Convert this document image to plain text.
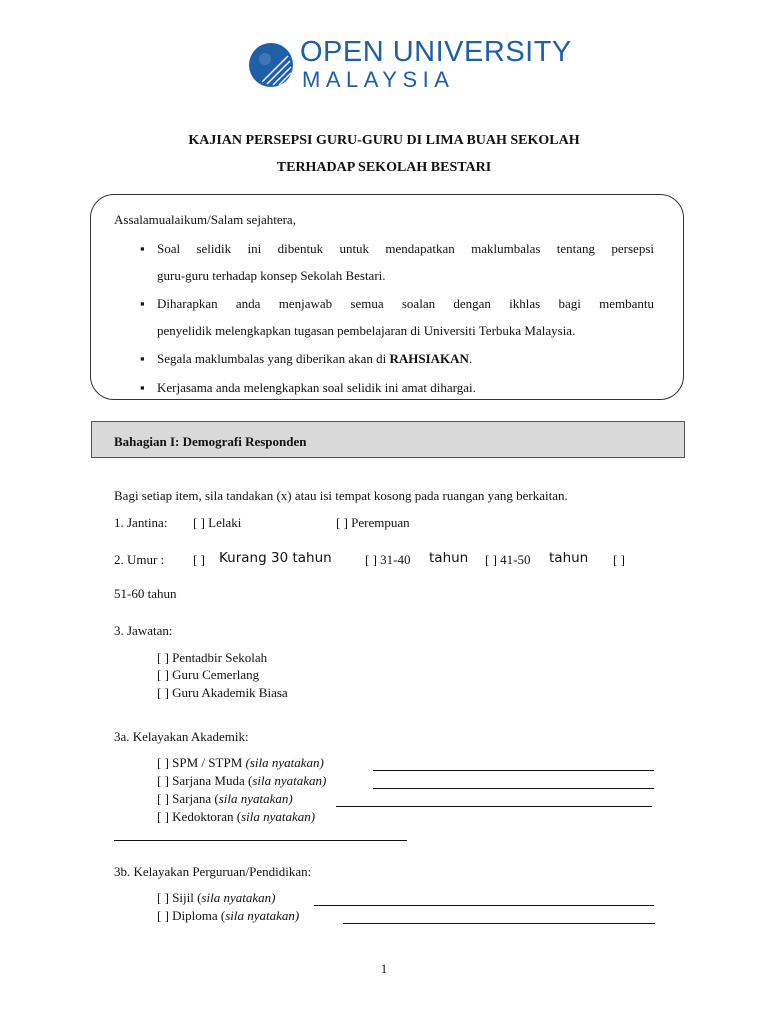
OPEN UNIVERSITY
MALAYSIA
KAJIAN PERSEPSI GURU-GURU DI LIMA BUAH SEKOLAH
TERHADAP SEKOLAH BESTARI
Assalamualaikum/Salam sejahtera,
▪ Soal selidik ini dibentuk untuk mendapatkan maklumbalas tentang persepsi
guru-guru terhadap konsep Sekolah Bestari.
▪ Diharapkan anda menjawab semua soalan dengan ikhlas bagi membantu
penyelidik melengkapkan tugasan pembelajaran di Universiti Terbuka Malaysia.
▪ Segala maklumbalas yang diberikan akan di RAHSIAKAN.
▪ Kerjasama anda melengkapkan soal selidik ini amat dihargai.
Bahagian I: Demografi Responden
Bagi setiap item, sila tandakan (x) atau isi tempat kosong pada ruangan yang berkaitan.
1. Jantina: [ ] Lelaki	[ ] Perempuan
2. Umur : [ ] Kurang 30 tahun	[ ] 31-40 tahun [ ] 41-50 tahun [ ]
51-60 tahun
3. Jawatan:
[ ] Pentadbir Sekolah
[ ] Guru Cemerlang
[ ] Guru Akademik Biasa
3a. Kelayakan Akademik:
[ ] SPM / STPM (sila nyatakan)
[ ] Sarjana Muda (sila nyatakan)
[ ] Sarjana (sila nyatakan)
[ ] Kedoktoran (sila nyatakan)
3b. Kelayakan Perguruan/Pendidikan:
[ ] Sijil (sila nyatakan)
[ ] Diploma (sila nyatakan)
1
